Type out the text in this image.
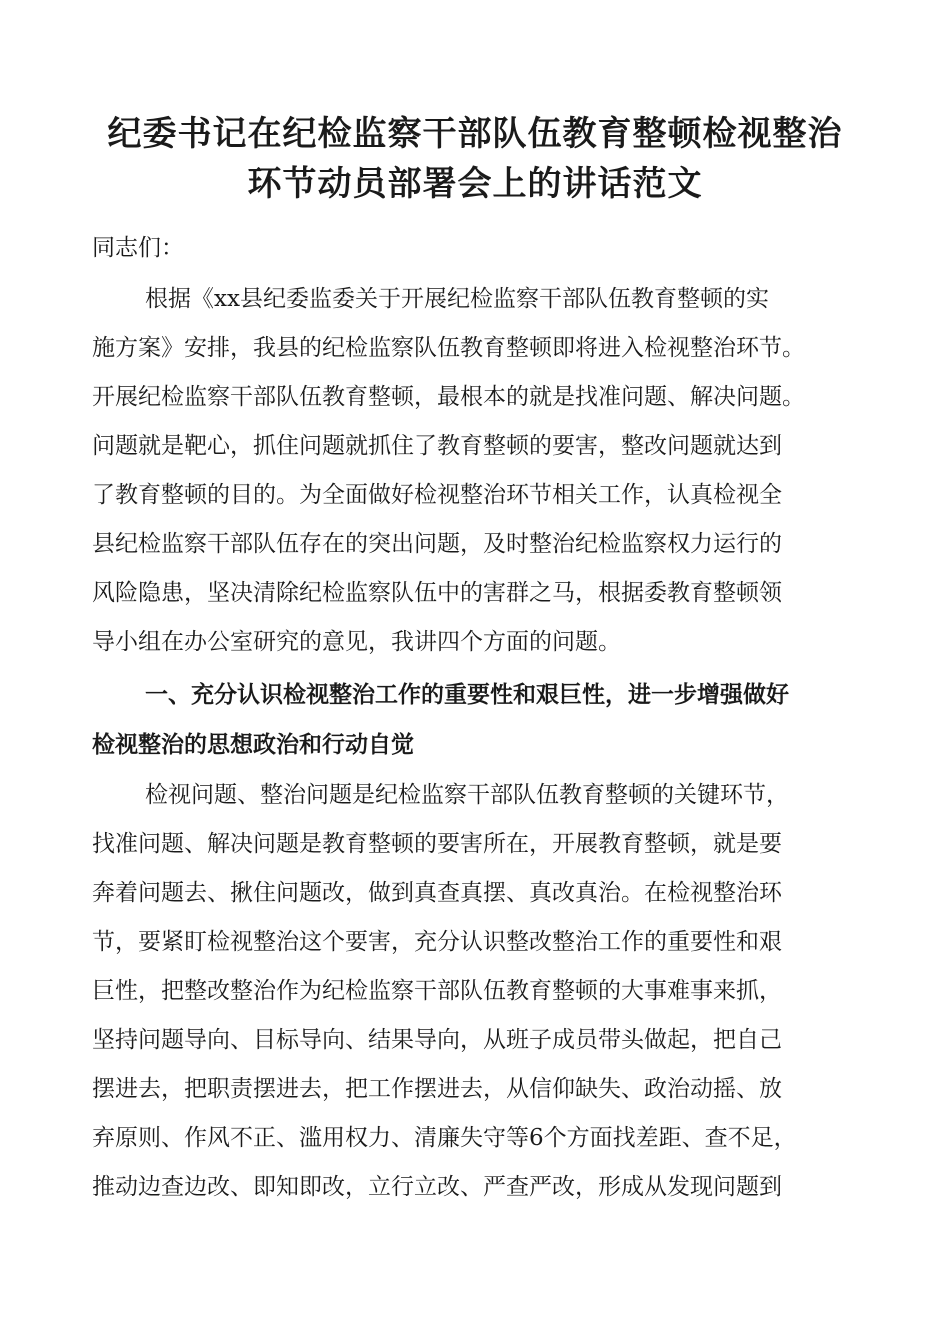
纪委书记在纪检监察干部队伍教育整顿检视整治
环节动员部署会上的讲话范文

同志们：

根据《xx县纪委监委关于开展纪检监察干部队伍教育整顿的实

施方案》安排，我县的纪检监察队伍教育整顿即将进入检视整治环节。

开展纪检监察干部队伍教育整顿，最根本的就是找准问题、解决问题。

问题就是靶心，抓住问题就抓住了教育整顿的要害，整改问题就达到

了教育整顿的目的。为全面做好检视整治环节相关工作，认真检视全

县纪检监察干部队伍存在的突出问题，及时整治纪检监察权力运行的

风险隐患，坚决清除纪检监察队伍中的害群之马，根据委教育整顿领

导小组在办公室研究的意见，我讲四个方面的问题。

一、充分认识检视整治工作的重要性和艰巨性，进一步增强做好

检视整治的思想政治和行动自觉

检视问题、整治问题是纪检监察干部队伍教育整顿的关键环节，

找准问题、解决问题是教育整顿的要害所在，开展教育整顿，就是要

奔着问题去、揪住问题改，做到真查真摆、真改真治。在检视整治环

节，要紧盯检视整治这个要害，充分认识整改整治工作的重要性和艰

巨性，把整改整治作为纪检监察干部队伍教育整顿的大事难事来抓，

坚持问题导向、目标导向、结果导向，从班子成员带头做起，把自己

摆进去，把职责摆进去，把工作摆进去，从信仰缺失、政治动摇、放

弃原则、作风不正、滥用权力、清廉失守等6个方面找差距、查不足，

推动边查边改、即知即改，立行立改、严查严改，形成从发现问题到
